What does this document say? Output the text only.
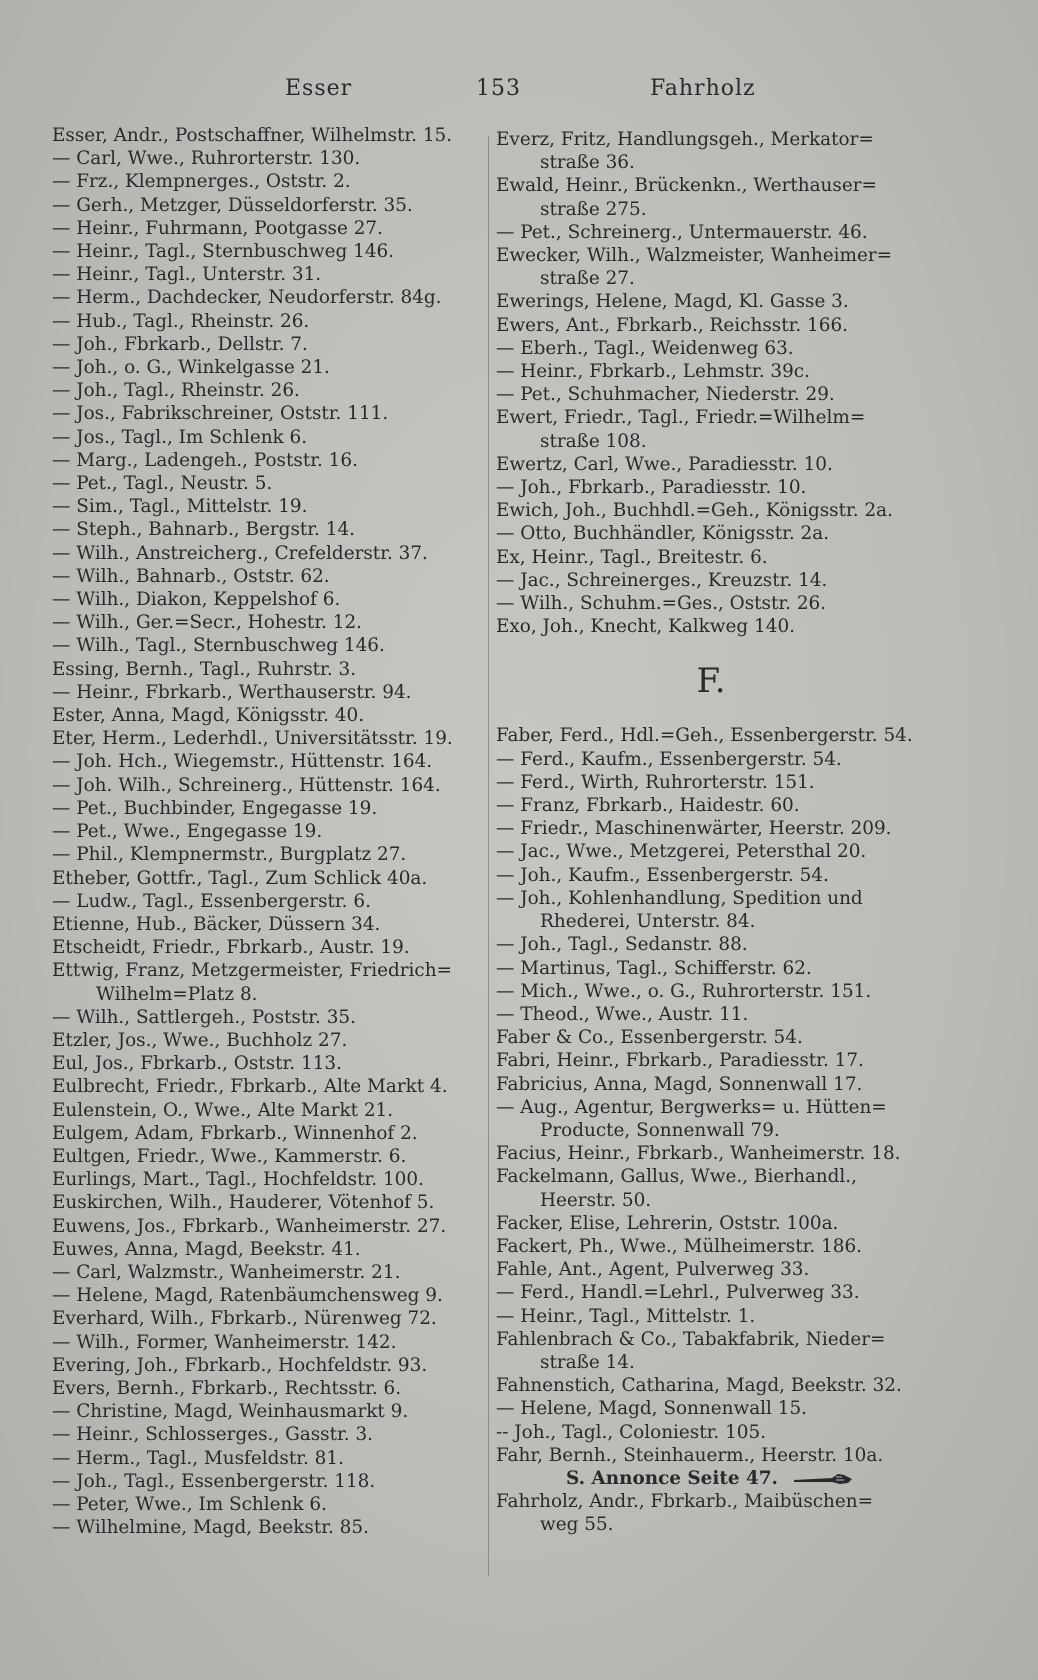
Esser	153	Fahrholz
Esser, Andr., Postschaffner, Wilhelmstr. 15.
— Carl, Wwe., Ruhrorterstr. 130.
— Frz., Klempnerges., Oststr. 2.
— Gerh., Metzger, Düsseldorferstr. 35.
— Heinr., Fuhrmann, Pootgasse 27.
— Heinr., Tagl., Sternbuschweg 146.
— Heinr., Tagl., Unterstr. 31.
— Herm., Dachdecker, Neudorferstr. 84g.
— Hub., Tagl., Rheinstr. 26.
— Joh., Fbrkarb., Dellstr. 7.
— Joh., o. G., Winkelgasse 21.
— Joh., Tagl., Rheinstr. 26.
— Jos., Fabrikschreiner, Oststr. 111.
— Jos., Tagl., Im Schlenk 6.
— Marg., Ladengeh., Poststr. 16.
— Pet., Tagl., Neustr. 5.
— Sim., Tagl., Mittelstr. 19.
— Steph., Bahnarb., Bergstr. 14.
— Wilh., Anstreicherg., Crefelderstr. 37.
— Wilh., Bahnarb., Oststr. 62.
— Wilh., Diakon, Keppelshof 6.
— Wilh., Ger.=Secr., Hohestr. 12.
— Wilh., Tagl., Sternbuschweg 146.
Essing, Bernh., Tagl., Ruhrstr. 3.
— Heinr., Fbrkarb., Werthauserstr. 94.
Ester, Anna, Magd, Königsstr. 40.
Eter, Herm., Lederhdl., Universitätsstr. 19.
— Joh. Hch., Wiegemstr., Hüttenstr. 164.
— Joh. Wilh., Schreinerg., Hüttenstr. 164.
— Pet., Buchbinder, Engegasse 19.
— Pet., Wwe., Engegasse 19.
— Phil., Klempnermstr., Burgplatz 27.
Etheber, Gottfr., Tagl., Zum Schlick 40a.
— Ludw., Tagl., Essenbergerstr. 6.
Etienne, Hub., Bäcker, Düssern 34.
Etscheidt, Friedr., Fbrkarb., Austr. 19.
Ettwig, Franz, Metzgermeister, Friedrich=
Wilhelm=Platz 8.
— Wilh., Sattlergeh., Poststr. 35.
Etzler, Jos., Wwe., Buchholz 27.
Eul, Jos., Fbrkarb., Oststr. 113.
Eulbrecht, Friedr., Fbrkarb., Alte Markt 4.
Eulenstein, O., Wwe., Alte Markt 21.
Eulgem, Adam, Fbrkarb., Winnenhof 2.
Eultgen, Friedr., Wwe., Kammerstr. 6.
Eurlings, Mart., Tagl., Hochfeldstr. 100.
Euskirchen, Wilh., Hauderer, Vötenhof 5.
Euwens, Jos., Fbrkarb., Wanheimerstr. 27.
Euwes, Anna, Magd, Beekstr. 41.
— Carl, Walzmstr., Wanheimerstr. 21.
— Helene, Magd, Ratenbäumchensweg 9.
Everhard, Wilh., Fbrkarb., Nürenweg 72.
— Wilh., Former, Wanheimerstr. 142.
Evering, Joh., Fbrkarb., Hochfeldstr. 93.
Evers, Bernh., Fbrkarb., Rechtsstr. 6.
— Christine, Magd, Weinhausmarkt 9.
— Heinr., Schlosserges., Gasstr. 3.
— Herm., Tagl., Musfeldstr. 81.
— Joh., Tagl., Essenbergerstr. 118.
— Peter, Wwe., Im Schlenk 6.
— Wilhelmine, Magd, Beekstr. 85.
Everz, Fritz, Handlungsgeh., Merkator=
straße 36.
Ewald, Heinr., Brückenkn., Werthauser=
straße 275.
— Pet., Schreinerg., Untermauerstr. 46.
Ewecker, Wilh., Walzmeister, Wanheimer=
straße 27.
Ewerings, Helene, Magd, Kl. Gasse 3.
Ewers, Ant., Fbrkarb., Reichsstr. 166.
— Eberh., Tagl., Weidenweg 63.
— Heinr., Fbrkarb., Lehmstr. 39c.
— Pet., Schuhmacher, Niederstr. 29.
Ewert, Friedr., Tagl., Friedr.=Wilhelm=
straße 108.
Ewertz, Carl, Wwe., Paradiesstr. 10.
— Joh., Fbrkarb., Paradiesstr. 10.
Ewich, Joh., Buchhdl.=Geh., Königsstr. 2a.
— Otto, Buchhändler, Königsstr. 2a.
Ex, Heinr., Tagl., Breitestr. 6.
— Jac., Schreinerges., Kreuzstr. 14.
— Wilh., Schuhm.=Ges., Oststr. 26.
Exo, Joh., Knecht, Kalkweg 140.
F.
Faber, Ferd., Hdl.=Geh., Essenbergerstr. 54.
— Ferd., Kaufm., Essenbergerstr. 54.
— Ferd., Wirth, Ruhrorterstr. 151.
— Franz, Fbrkarb., Haidestr. 60.
— Friedr., Maschinenwärter, Heerstr. 209.
— Jac., Wwe., Metzgerei, Petersthal 20.
— Joh., Kaufm., Essenbergerstr. 54.
— Joh., Kohlenhandlung, Spedition und
Rhederei, Unterstr. 84.
— Joh., Tagl., Sedanstr. 88.
— Martinus, Tagl., Schifferstr. 62.
— Mich., Wwe., o. G., Ruhrorterstr. 151.
— Theod., Wwe., Austr. 11.
Faber & Co., Essenbergerstr. 54.
Fabri, Heinr., Fbrkarb., Paradiesstr. 17.
Fabricius, Anna, Magd, Sonnenwall 17.
— Aug., Agentur, Bergwerks= u. Hütten=
Producte, Sonnenwall 79.
Facius, Heinr., Fbrkarb., Wanheimerstr. 18.
Fackelmann, Gallus, Wwe., Bierhandl.,
Heerstr. 50.
Facker, Elise, Lehrerin, Oststr. 100a.
Fackert, Ph., Wwe., Mülheimerstr. 186.
Fahle, Ant., Agent, Pulverweg 33.
— Ferd., Handl.=Lehrl., Pulverweg 33.
— Heinr., Tagl., Mittelstr. 1.
Fahlenbrach & Co., Tabakfabrik, Nieder=
straße 14.
Fahnenstich, Catharina, Magd, Beekstr. 32.
— Helene, Magd, Sonnenwall 15.
-- Joh., Tagl., Coloniestr. 105.
Fahr, Bernh., Steinhauerm., Heerstr. 10a.
S. Annonce Seite 47.
Fahrholz, Andr., Fbrkarb., Maibüschen=
weg 55.
